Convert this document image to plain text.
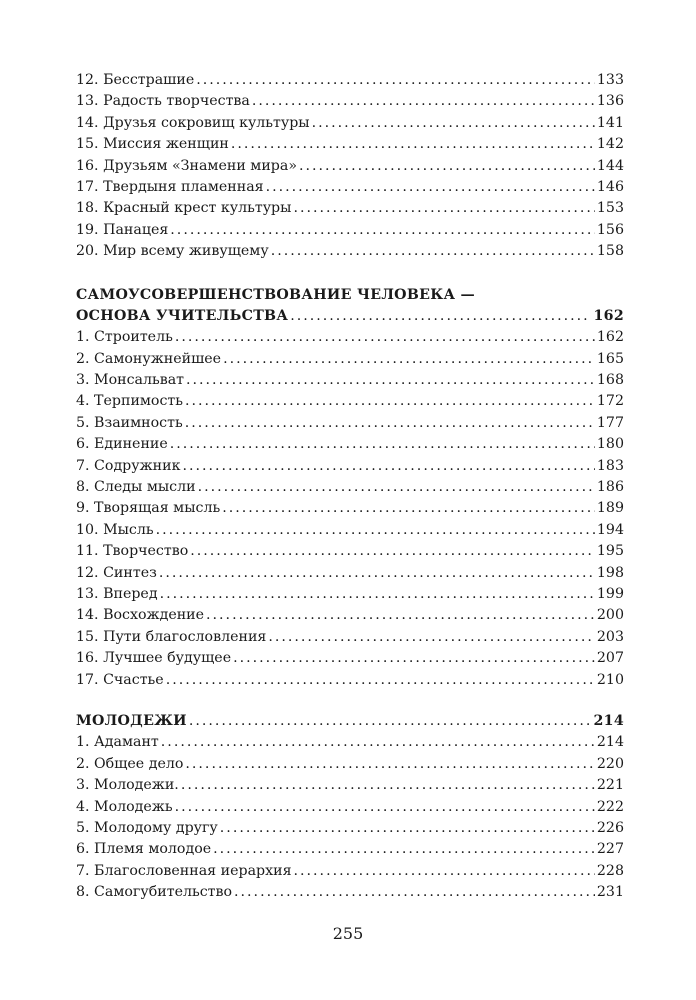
12. Бесстрашие .....	133
13. Радость творчества .....	136
14. Друзья сокровищ культуры .....	141
15. Миссия женщин .....	142
16. Друзьям «Знамени мира» .....	144
17. Твердыня пламенная .....	146
18. Красный крест культуры .....	153
19. Панацея .....	156
20. Мир всему живущему .....	158
САМОУСОВЕРШЕНСТВОВАНИЕ ЧЕЛОВЕКА —
ОСНОВА УЧИТЕЛЬСТВА .....	162
1. Строитель .....	162
2. Самонужнейшее .....	165
3. Монсальват .....	168
4. Терпимость .....	172
5. Взаимность .....	177
6. Единение .....	180
7. Содружник .....	183
8. Следы мысли .....	186
9. Творящая мысль .....	189
10. Мысль .....	194
11. Творчество .....	195
12. Синтез .....	198
13. Вперед .....	199
14. Восхождение .....	200
15. Пути благословления .....	203
16. Лучшее будущее .....	207
17. Счастье .....	210
МОЛОДЕЖИ .....	214
1. Адамант .....	214
2. Общее дело .....	220
3. Молодежи. .....	221
4. Молодежь .....	222
5. Молодому другу .....	226
6. Племя молодое .....	227
7. Благословенная иерархия .....	228
8. Самогубительство .....	231
255
